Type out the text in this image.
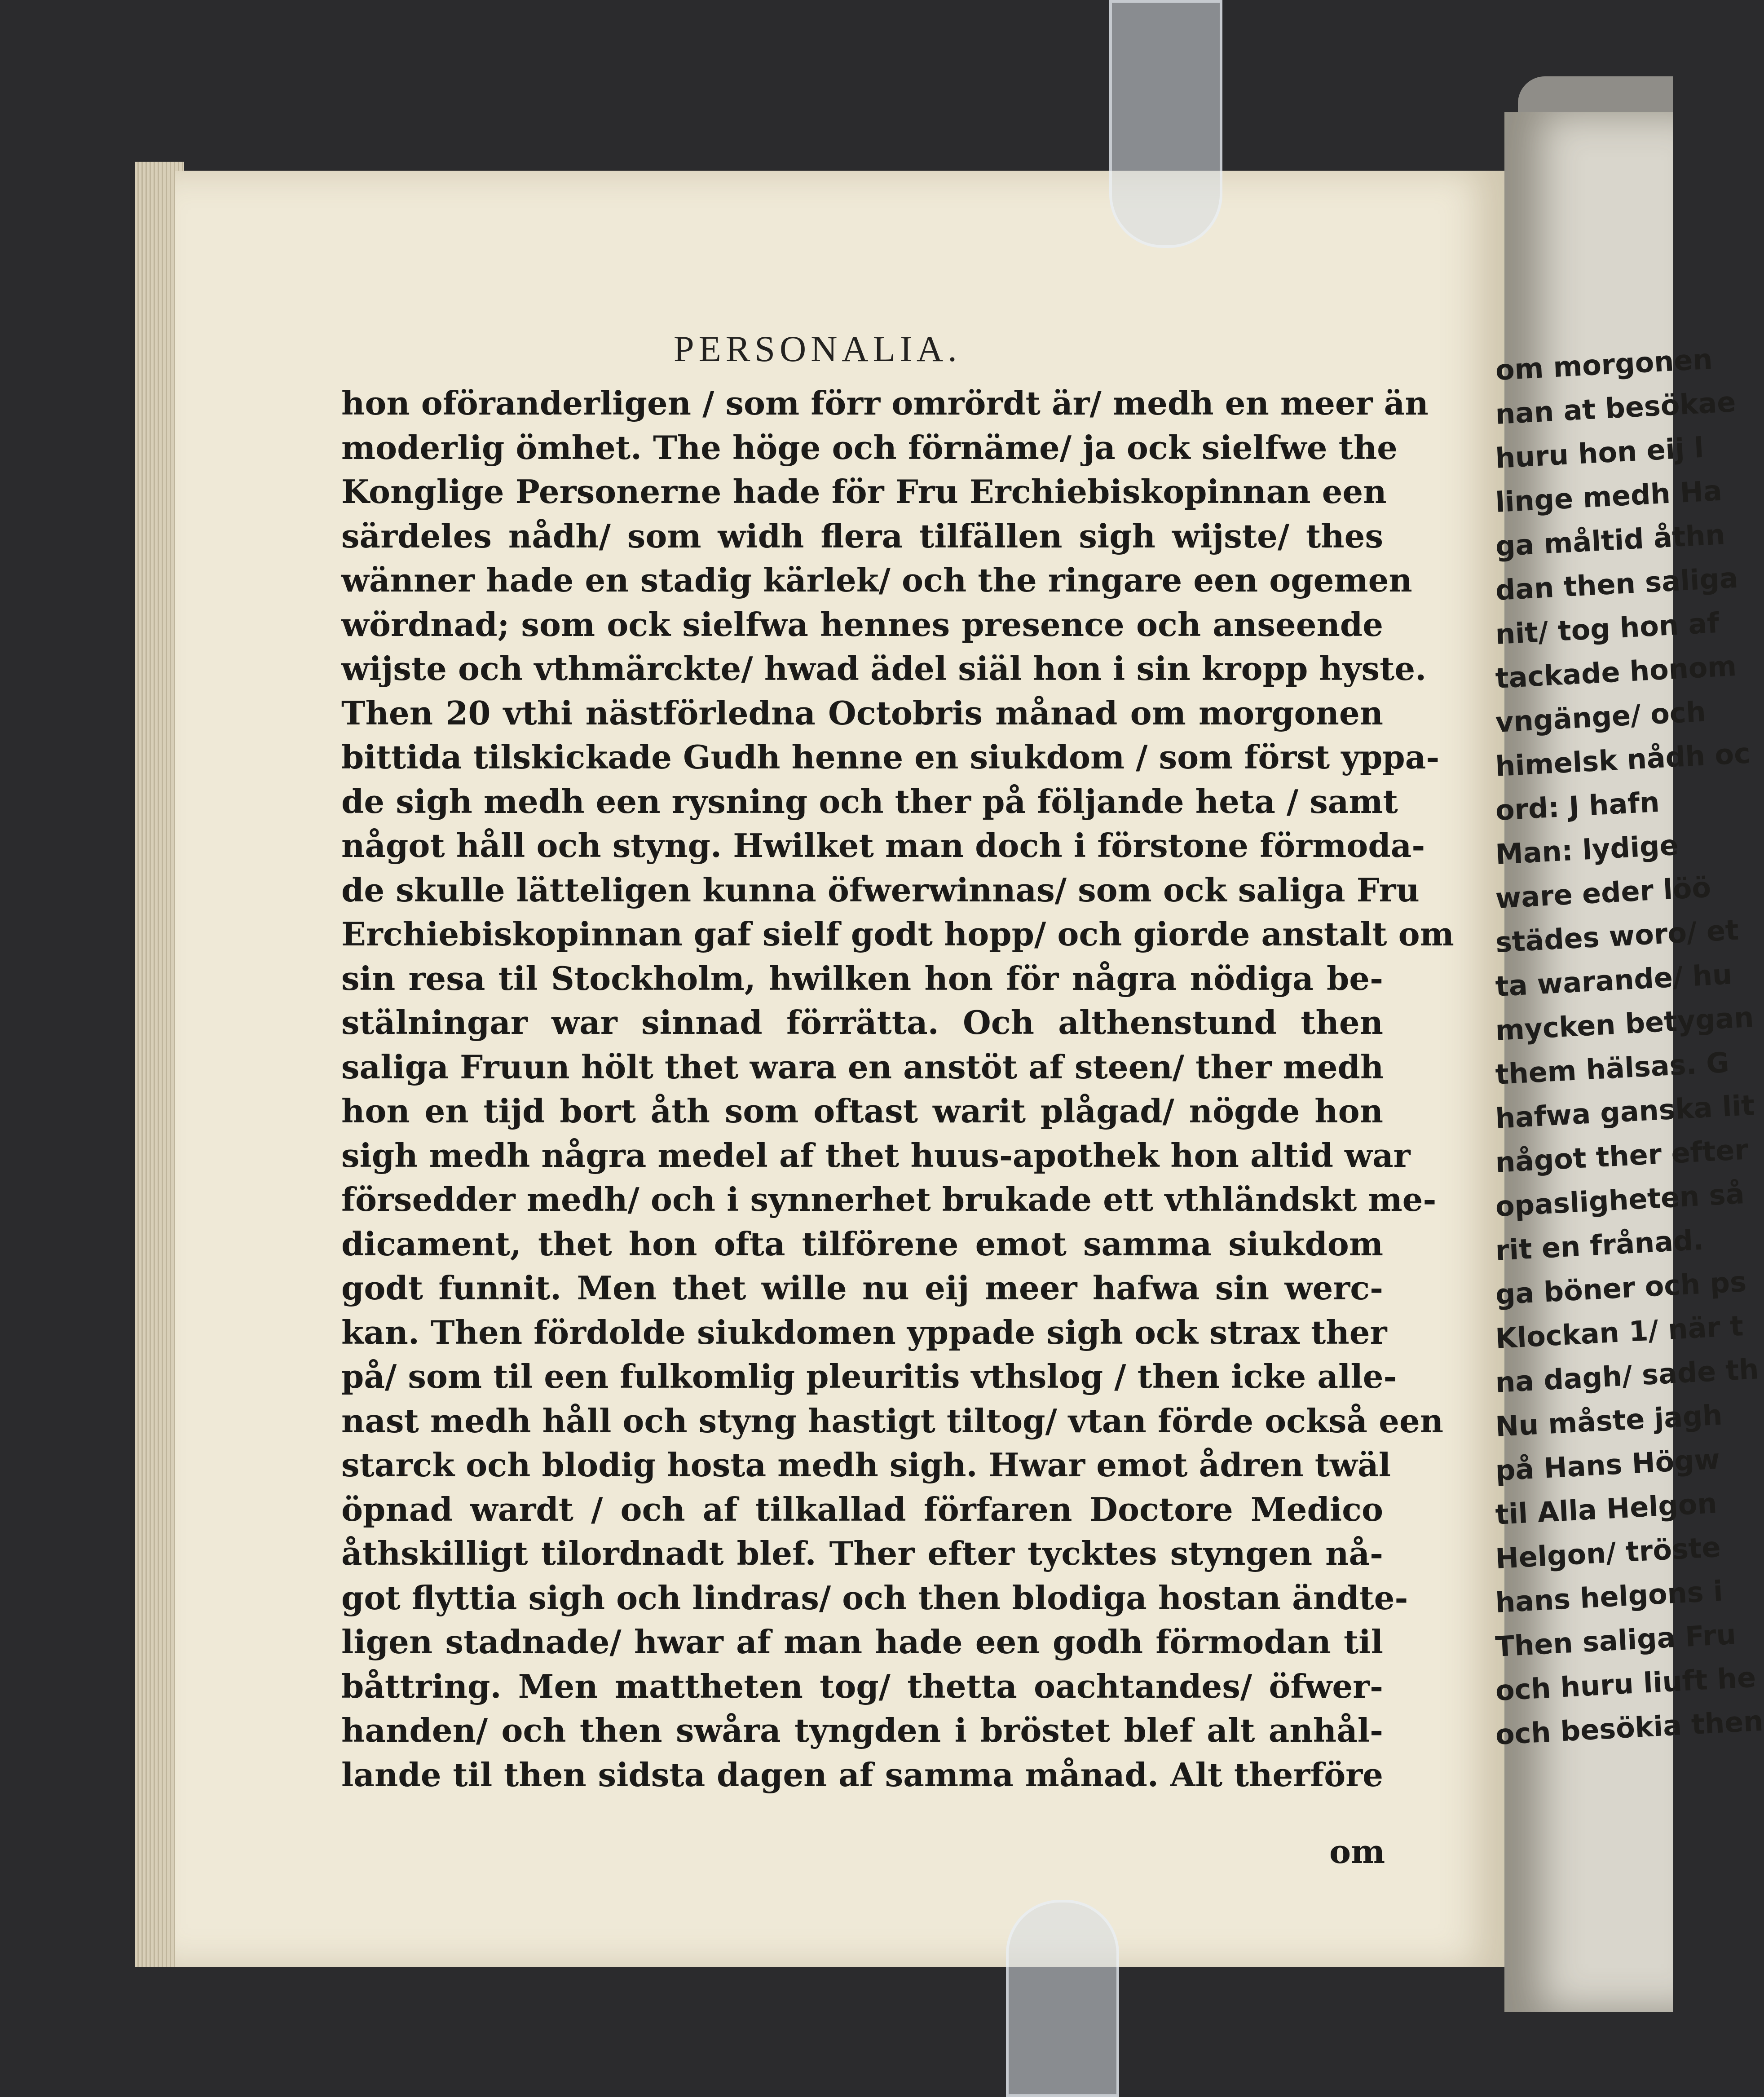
PERSONALIA.
hon oföranderligen / som förr omrördt är/ medh en meer än
moderlig ömhet. The höge och förnäme/ ja ock sielfwe the
Konglige Personerne hade för Fru Erchiebiskopinnan een
särdeles nådh/ som widh flera tilfällen sigh wijste/ thes
wänner hade en stadig kärlek/ och the ringare een ogemen
wördnad; som ock sielfwa hennes presence och anseende
wijste och vthmärckte/ hwad ädel siäl hon i sin kropp hyste.
Then 20 vthi nästförledna Octobris månad om morgonen
bittida tilskickade Gudh henne en siukdom / som först yppa-
de sigh medh een rysning och ther på följande heta / samt
något håll och styng. Hwilket man doch i förstone förmoda-
de skulle lätteligen kunna öfwerwinnas/ som ock saliga Fru
Erchiebiskopinnan gaf sielf godt hopp/ och giorde anstalt om
sin resa til Stockholm, hwilken hon för några nödiga be-
stälningar war sinnad förrätta. Och althenstund then
saliga Fruun hölt thet wara en anstöt af steen/ ther medh
hon en tijd bort åth som oftast warit plågad/ nögde hon
sigh medh några medel af thet huus-apothek hon altid war
försedder medh/ och i synnerhet brukade ett vthländskt me-
dicament, thet hon ofta tilförene emot samma siukdom
godt funnit. Men thet wille nu eij meer hafwa sin werc-
kan. Then fördolde siukdomen yppade sigh ock strax ther
på/ som til een fulkomlig pleuritis vthslog / then icke alle-
nast medh håll och styng hastigt tiltog/ vtan förde också een
starck och blodig hosta medh sigh. Hwar emot ådren twäl
öpnad wardt / och af tilkallad förfaren Doctore Medico
åthskilligt tilordnadt blef. Ther efter tycktes styngen nå-
got flyttia sigh och lindras/ och then blodiga hostan ändte-
ligen stadnade/ hwar af man hade een godh förmodan til
båttring. Men mattheten tog/ thetta oachtandes/ öfwer-
handen/ och then swåra tyngden i bröstet blef alt anhål-
lande til then sidsta dagen af samma månad. Alt therföre
om
om morgonen
nan at besökae
huru hon eij l
linge medh Ha
ga måltid åthn
dan then saliga
nit/ tog hon af
tackade honom
vngänge/ och
himelsk nådh oc
ord: J hafn
Man: lydige
ware eder löö
städes woro/ et
ta warande/ hu
mycken betygan
them hälsas. G
hafwa ganska lit
något ther efter
opasligheten så
rit en frånad.
ga böner och ps
Klockan 1/ när t
na dagh/ sade th
Nu måste jagh
på Hans Högw
til Alla Helgon
Helgon/ tröste
hans helgons i
Then saliga Fru
och huru liuft he
och besökia then
